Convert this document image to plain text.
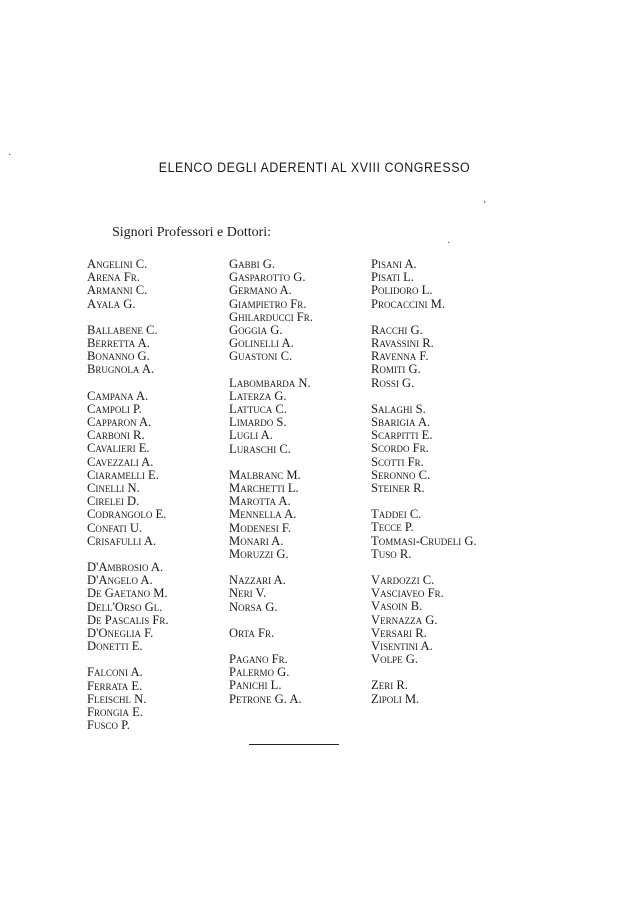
ELENCO DEGLI ADERENTI AL XVIII CONGRESSO
Signori Professori e Dottori:
Angelini C.
Arena Fr.
Armanni C.
Ayala G.
Ballabene C.
Berretta A.
Bonanno G.
Brugnola A.
Campana A.
Campoli P.
Capparon A.
Carboni R.
Cavalieri E.
Cavezzali A.
Ciaramelli E.
Cinelli N.
Cirelei D.
Codrangolo E.
Confati U.
Crisafulli A.
D'Ambrosio A.
D'Angelo A.
De Gaetano M.
Dell'Orso Gl.
De Pascalis Fr.
D'Oneglia F.
Donetti E.
Falconi A.
Ferrata E.
Fleischl N.
Frongia E.
Fusco P.
Gabbi G.
Gasparotto G.
Germano A.
Giampietro Fr.
Ghilarducci Fr.
Goggia G.
Golinelli A.
Guastoni C.
Labombarda N.
Laterza G.
Lattuca C.
Limardo S.
Lugli A.
Luraschi C.
Malbranc M.
Marchetti L.
Marotta A.
Mennella A.
Modenesi F.
Monari A.
Moruzzi G.
Nazzari A.
Neri V.
Norsa G.
Orta Fr.
Pagano Fr.
Palermo G.
Panichi L.
Petrone G. A.
Pisani A.
Pisati L.
Polidoro L.
Procaccini M.
Racchi G.
Ravassini R.
Ravenna F.
Romiti G.
Rossi G.
Salaghi S.
Sbarigia A.
Scarpitti E.
Scordo Fr.
Scotti Fr.
Seronno C.
Steiner R.
Taddei C.
Tecce P.
Tommasi-Crudeli G.
Tuso R.
Vardozzi C.
Vasciaveo Fr.
Vasoin B.
Vernazza G.
Versari R.
Visentini A.
Volpe G.
Zeri R.
Zipoli M.
·
ʼ
·
